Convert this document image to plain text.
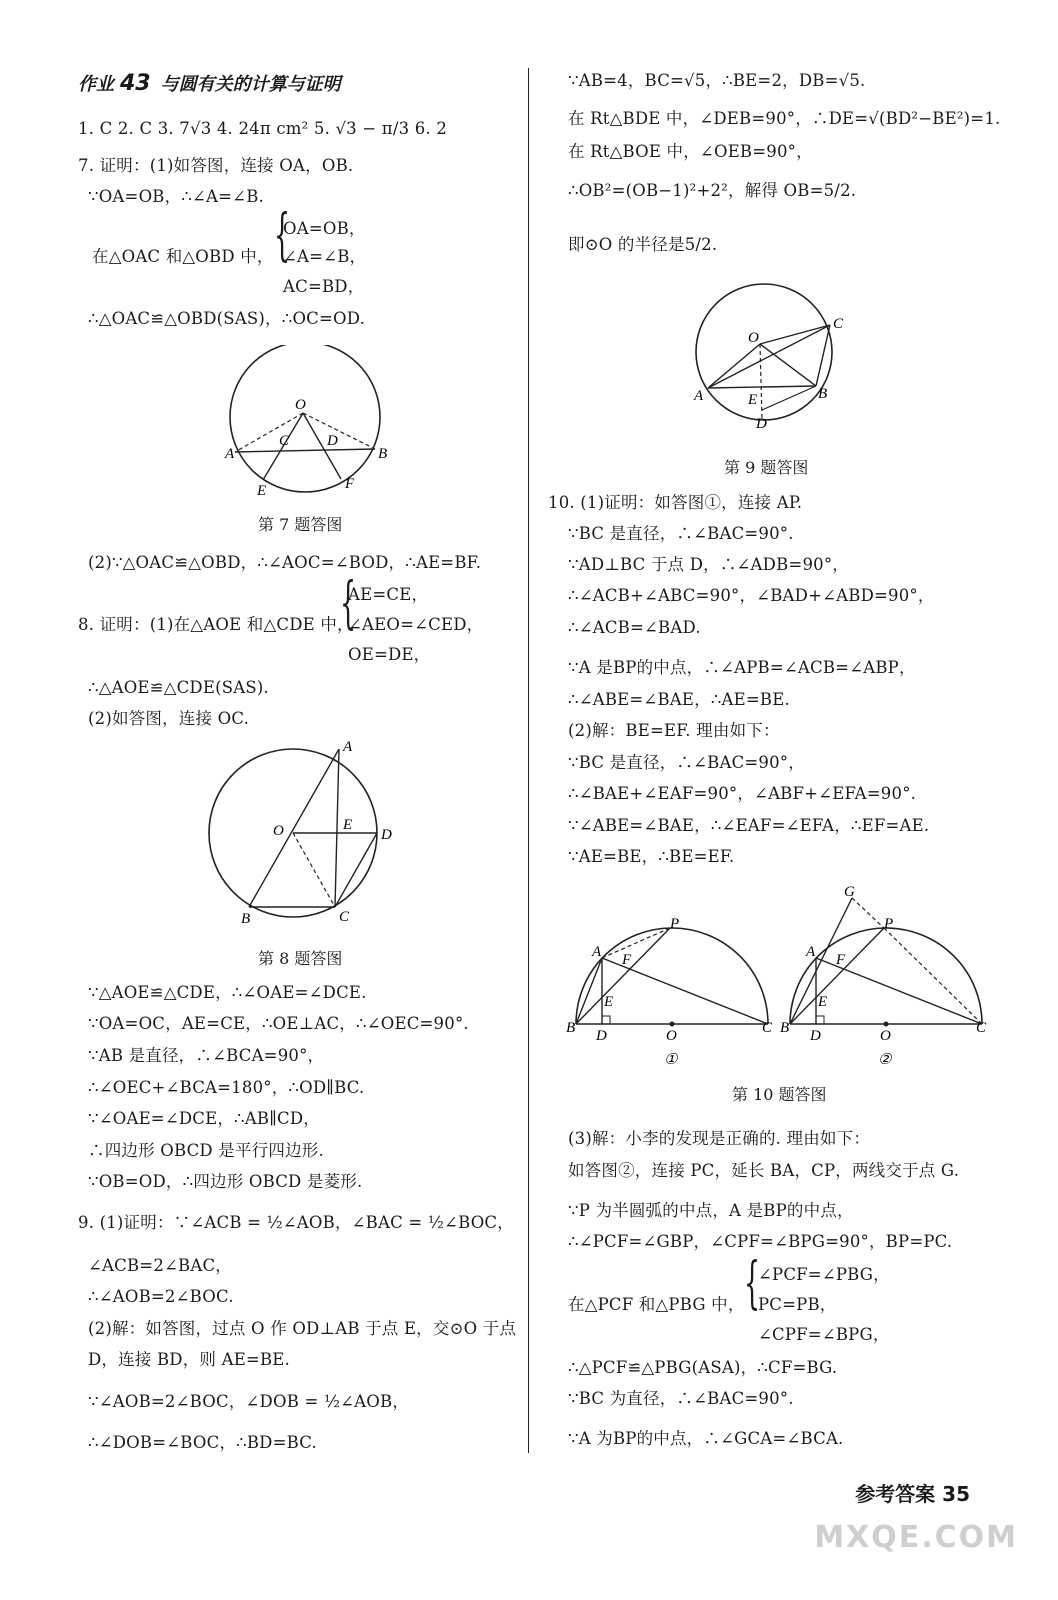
作业 43 与圆有关的计算与证明
{
{
O
A	B
C	D
E	F
第 7 题答图
A
O	E
D
B	C
第 8 题答图
1. C 2. C 3. 7√3 4. 24π cm² 5. √3 − π/3 6. 2
7. 证明：(1)如答图，连接 OA，OB.
∵OA=OB，∴∠A=∠B.
OA=OB，
在△OAC 和△OBD 中， ∠A=∠B，
AC=BD，
∴△OAC≌△OBD(SAS)，∴OC=OD.
(2)∵△OAC≌△OBD，∴∠AOC=∠BOD，∴AE=BF.
AE=CE，
8. 证明：(1)在△AOE 和△CDE 中，
∠AEO=∠CED，
OE=DE，
∴△AOE≌△CDE(SAS).
(2)如答图，连接 OC.
∵△AOE≌△CDE，∴∠OAE=∠DCE.
∵OA=OC，AE=CE，∴OE⊥AC，∴∠OEC=90°.
∵AB 是直径，∴∠BCA=90°，
∴∠OEC+∠BCA=180°，∴OD∥BC.
∵∠OAE=∠DCE，∴AB∥CD，
∴四边形 OBCD 是平行四边形.
∵OB=OD，∴四边形 OBCD 是菱形.
9. (1)证明：∵∠ACB = ½∠AOB，∠BAC = ½∠BOC，
∠ACB=2∠BAC，
∴∠AOB=2∠BOC.
(2)解：如答图，过点 O 作 OD⊥AB 于点 E，交⊙O 于点
D，连接 BD，则 AE=BE.
∵∠AOB=2∠BOC，∠DOB = ½∠AOB，
∴∠DOB=∠BOC，∴BD=BC.
{
O
C
A	B
E
D
第 9 题答图
P
A F
E
B D	O	C
①
G
P
A F
E
B D	O	C
②
第 10 题答图
∵AB=4，BC=√5，∴BE=2，DB=√5.
在 Rt△BDE 中，∠DEB=90°，∴DE=√(BD²−BE²)=1.
在 Rt△BOE 中，∠OEB=90°，
∴OB²=(OB−1)²+2²，解得 OB=5/2.
即⊙O 的半径是5/2.
10. (1)证明：如答图①，连接 AP.
∵BC 是直径，∴∠BAC=90°.
∵AD⊥BC 于点 D，∴∠ADB=90°，
∴∠ACB+∠ABC=90°，∠BAD+∠ABD=90°，
∴∠ACB=∠BAD.
∵A 是BP的中点，∴∠APB=∠ACB=∠ABP，
∴∠ABE=∠BAE，∴AE=BE.
(2)解：BE=EF. 理由如下：
∵BC 是直径，∴∠BAC=90°，
∴∠BAE+∠EAF=90°，∠ABF+∠EFA=90°.
∵∠ABE=∠BAE，∴∠EAF=∠EFA，∴EF=AE.
∵AE=BE，∴BE=EF.
(3)解：小李的发现是正确的. 理由如下：
如答图②，连接 PC，延长 BA，CP，两线交于点 G.
∵P 为半圆弧的中点，A 是BP的中点，
∴∠PCF=∠GBP，∠CPF=∠BPG=90°，BP=PC.
∠PCF=∠PBG，
在△PCF 和△PBG 中， PC=PB，
∠CPF=∠BPG，
∴△PCF≌△PBG(ASA)，∴CF=BG.
∵BC 为直径，∴∠BAC=90°.
∵A 为BP的中点，∴∠GCA=∠BCA.
参考答案 35
MXQE.COM
